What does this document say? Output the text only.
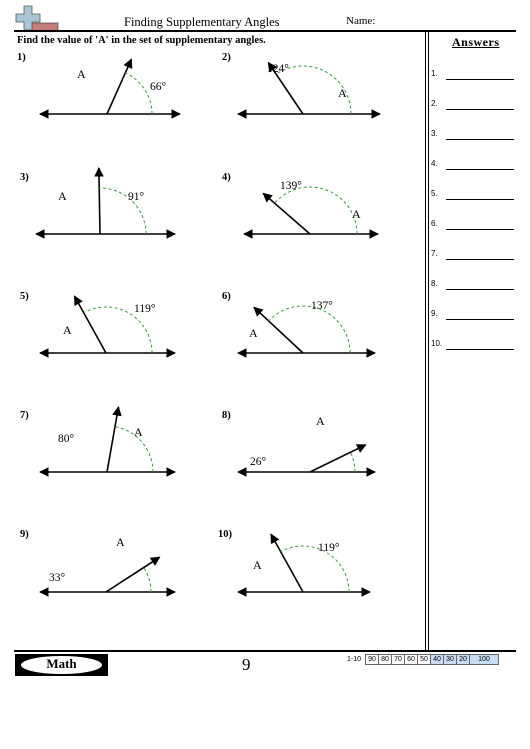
Finding Supplementary Angles	Name:
Find the value of 'A' in the set of supplementary angles.	Answers
1.
2.
3.
4.
5.
6.
7.
8.
9.
10.
1)
66°
A
2)
124°
A
3)
91°
A
4)
139°
A
5)
119°
A
6)
137°
A
7)
80°	A
8)
26°
A
9)
33°
A
10)
119°
A
Math	9	1-10	90 80 70 60 50 40 30 20	100
